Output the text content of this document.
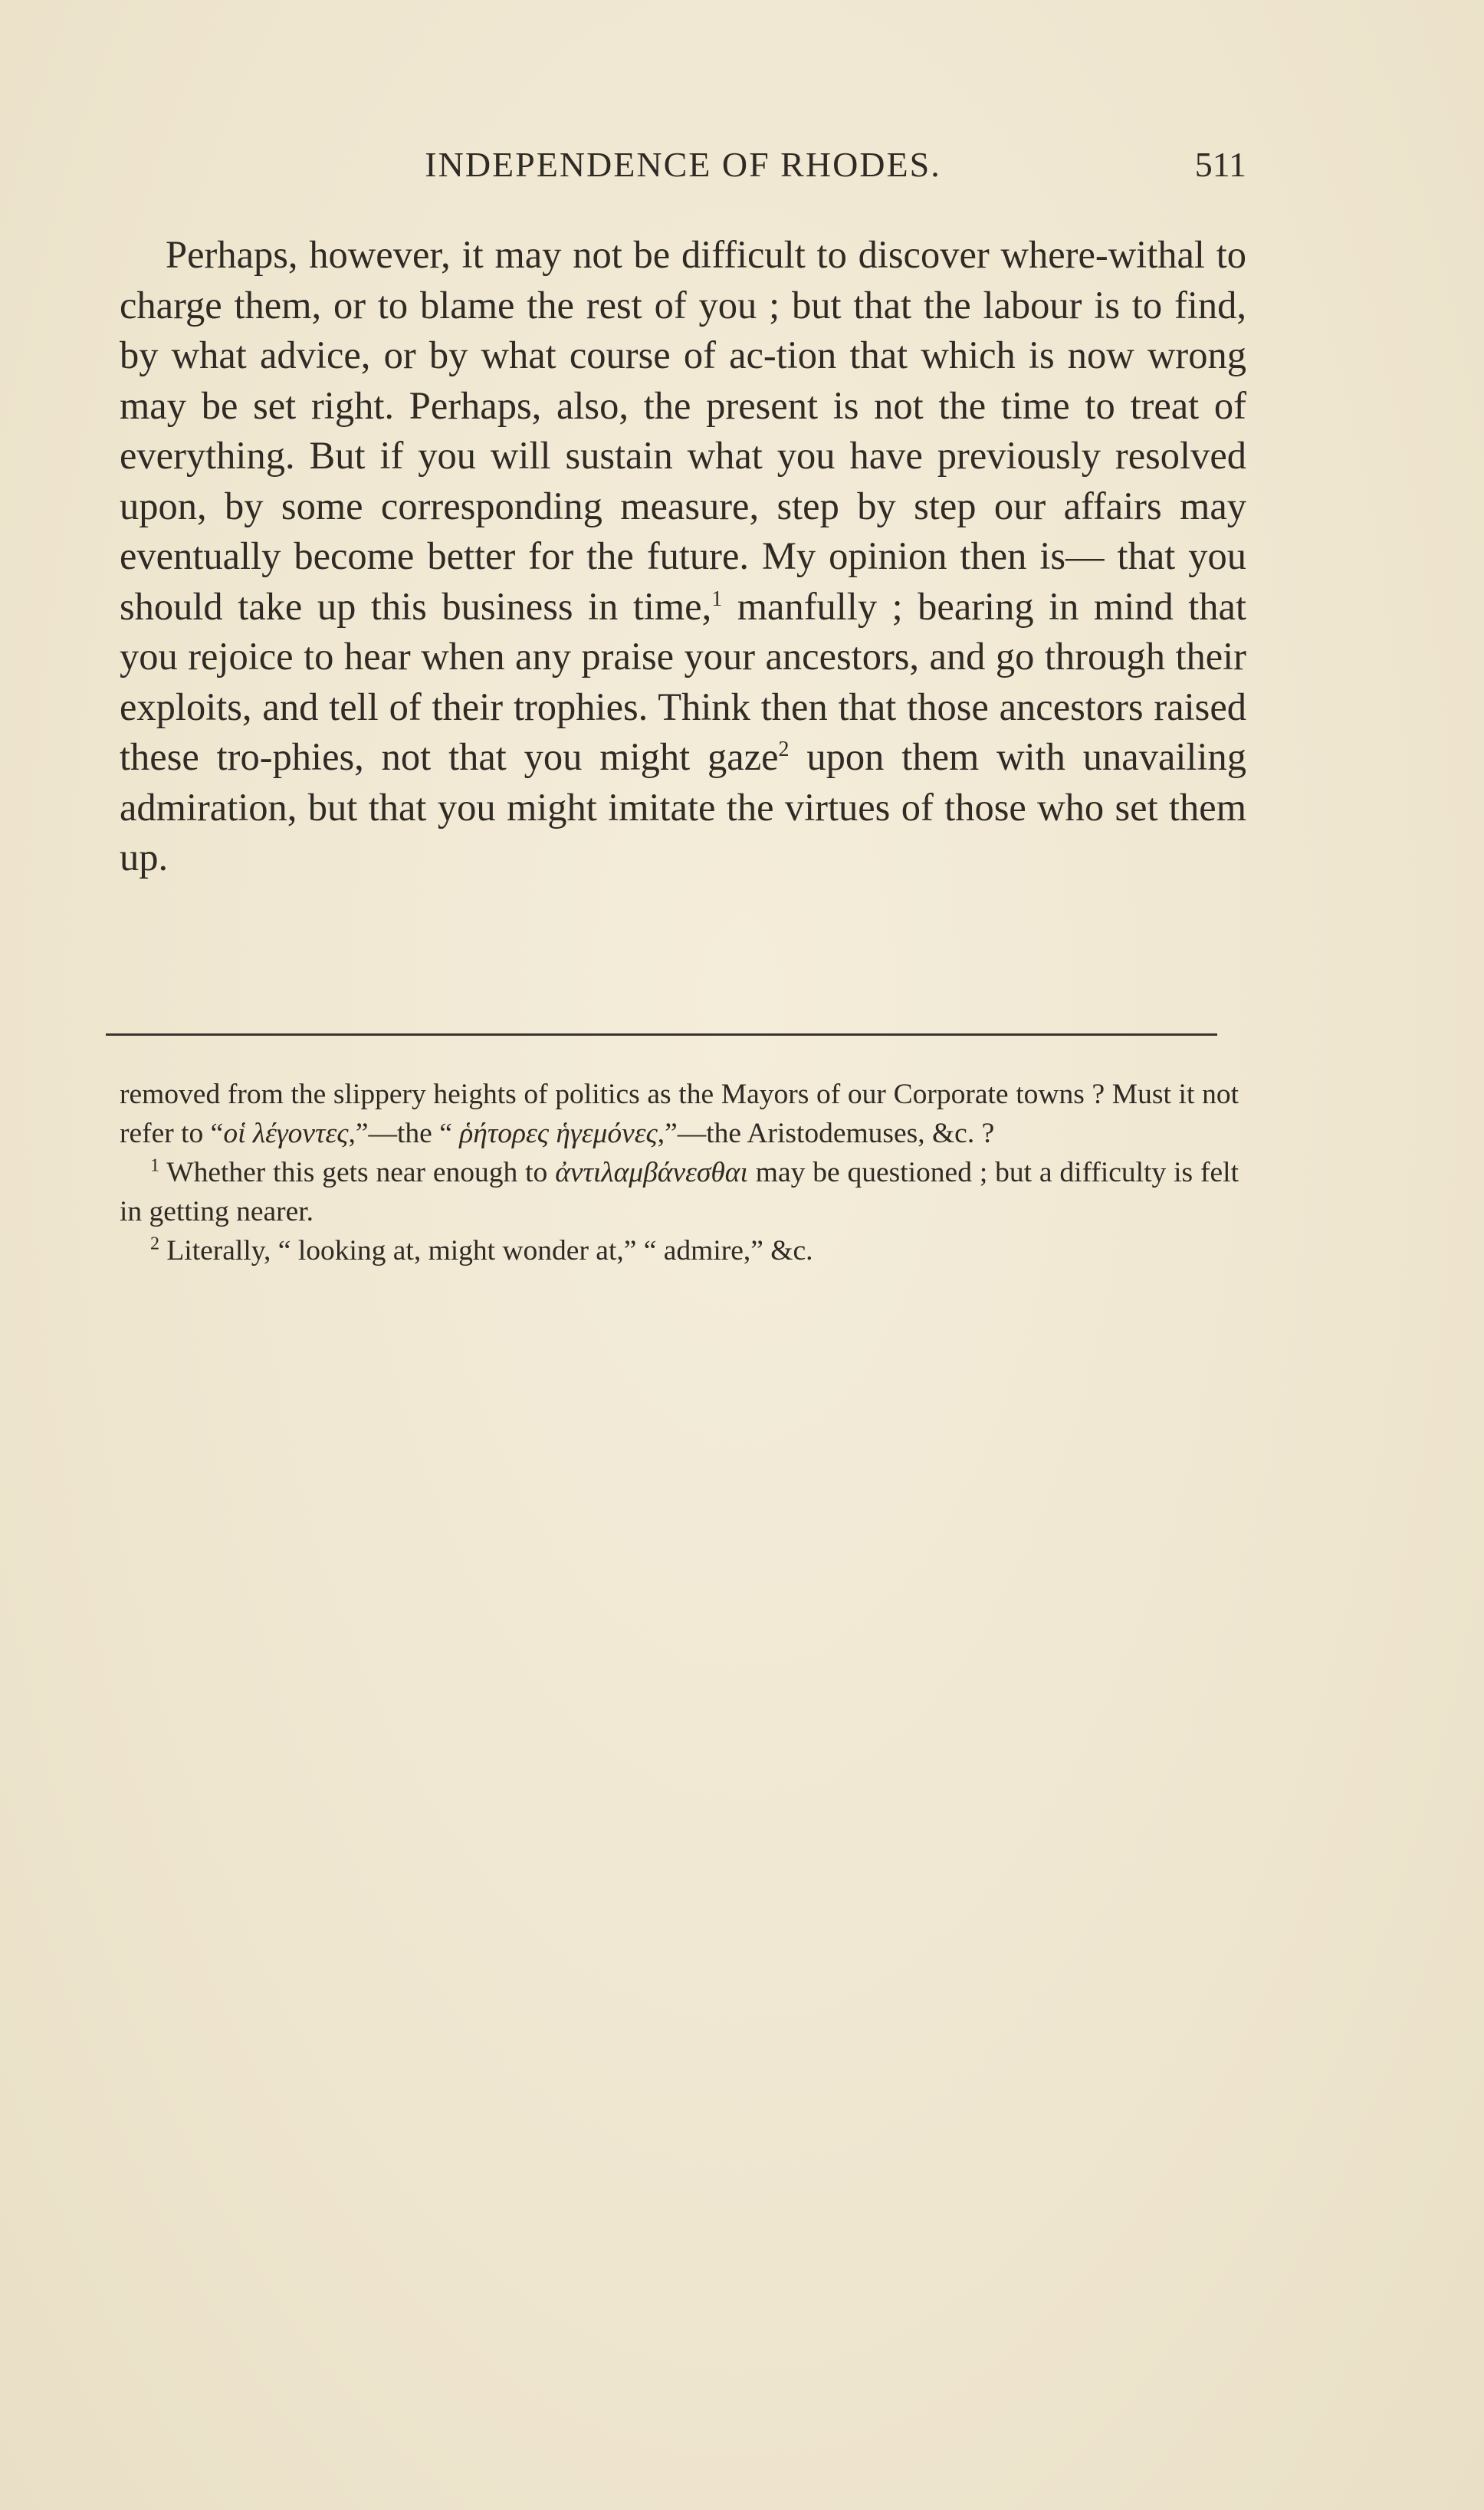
INDEPENDENCE OF RHODES.	511

Perhaps, however, it may not be difficult to discover where-withal to charge them, or to blame the rest of you ; but that the labour is to find, by what advice, or by what course of ac-tion that which is now wrong may be set right. Perhaps, also, the present is not the time to treat of everything. But if you will sustain what you have previously resolved upon, by some corresponding measure, step by step our affairs may eventually become better for the future. My opinion then is— that you should take up this business in time,$^1$ manfully ; bearing in mind that you rejoice to hear when any praise your ancestors, and go through their exploits, and tell of their trophies. Think then that those ancestors raised these tro-phies, not that you might gaze$^2$ upon them with unavailing admiration, but that you might imitate the virtues of those who set them up.

removed from the slippery heights of politics as the Mayors of our Corporate towns ? Must it not refer to “οἱ λέγοντες,”—the “ ῥήτορες ἡγεμόνες,”—the Aristodemuses, &c. ?

$^1$ Whether this gets near enough to ἀντιλαμβάνεσθαι may be questioned ; but a difficulty is felt in getting nearer.

$^2$ Literally, “ looking at, might wonder at,” “ admire,” &c.
